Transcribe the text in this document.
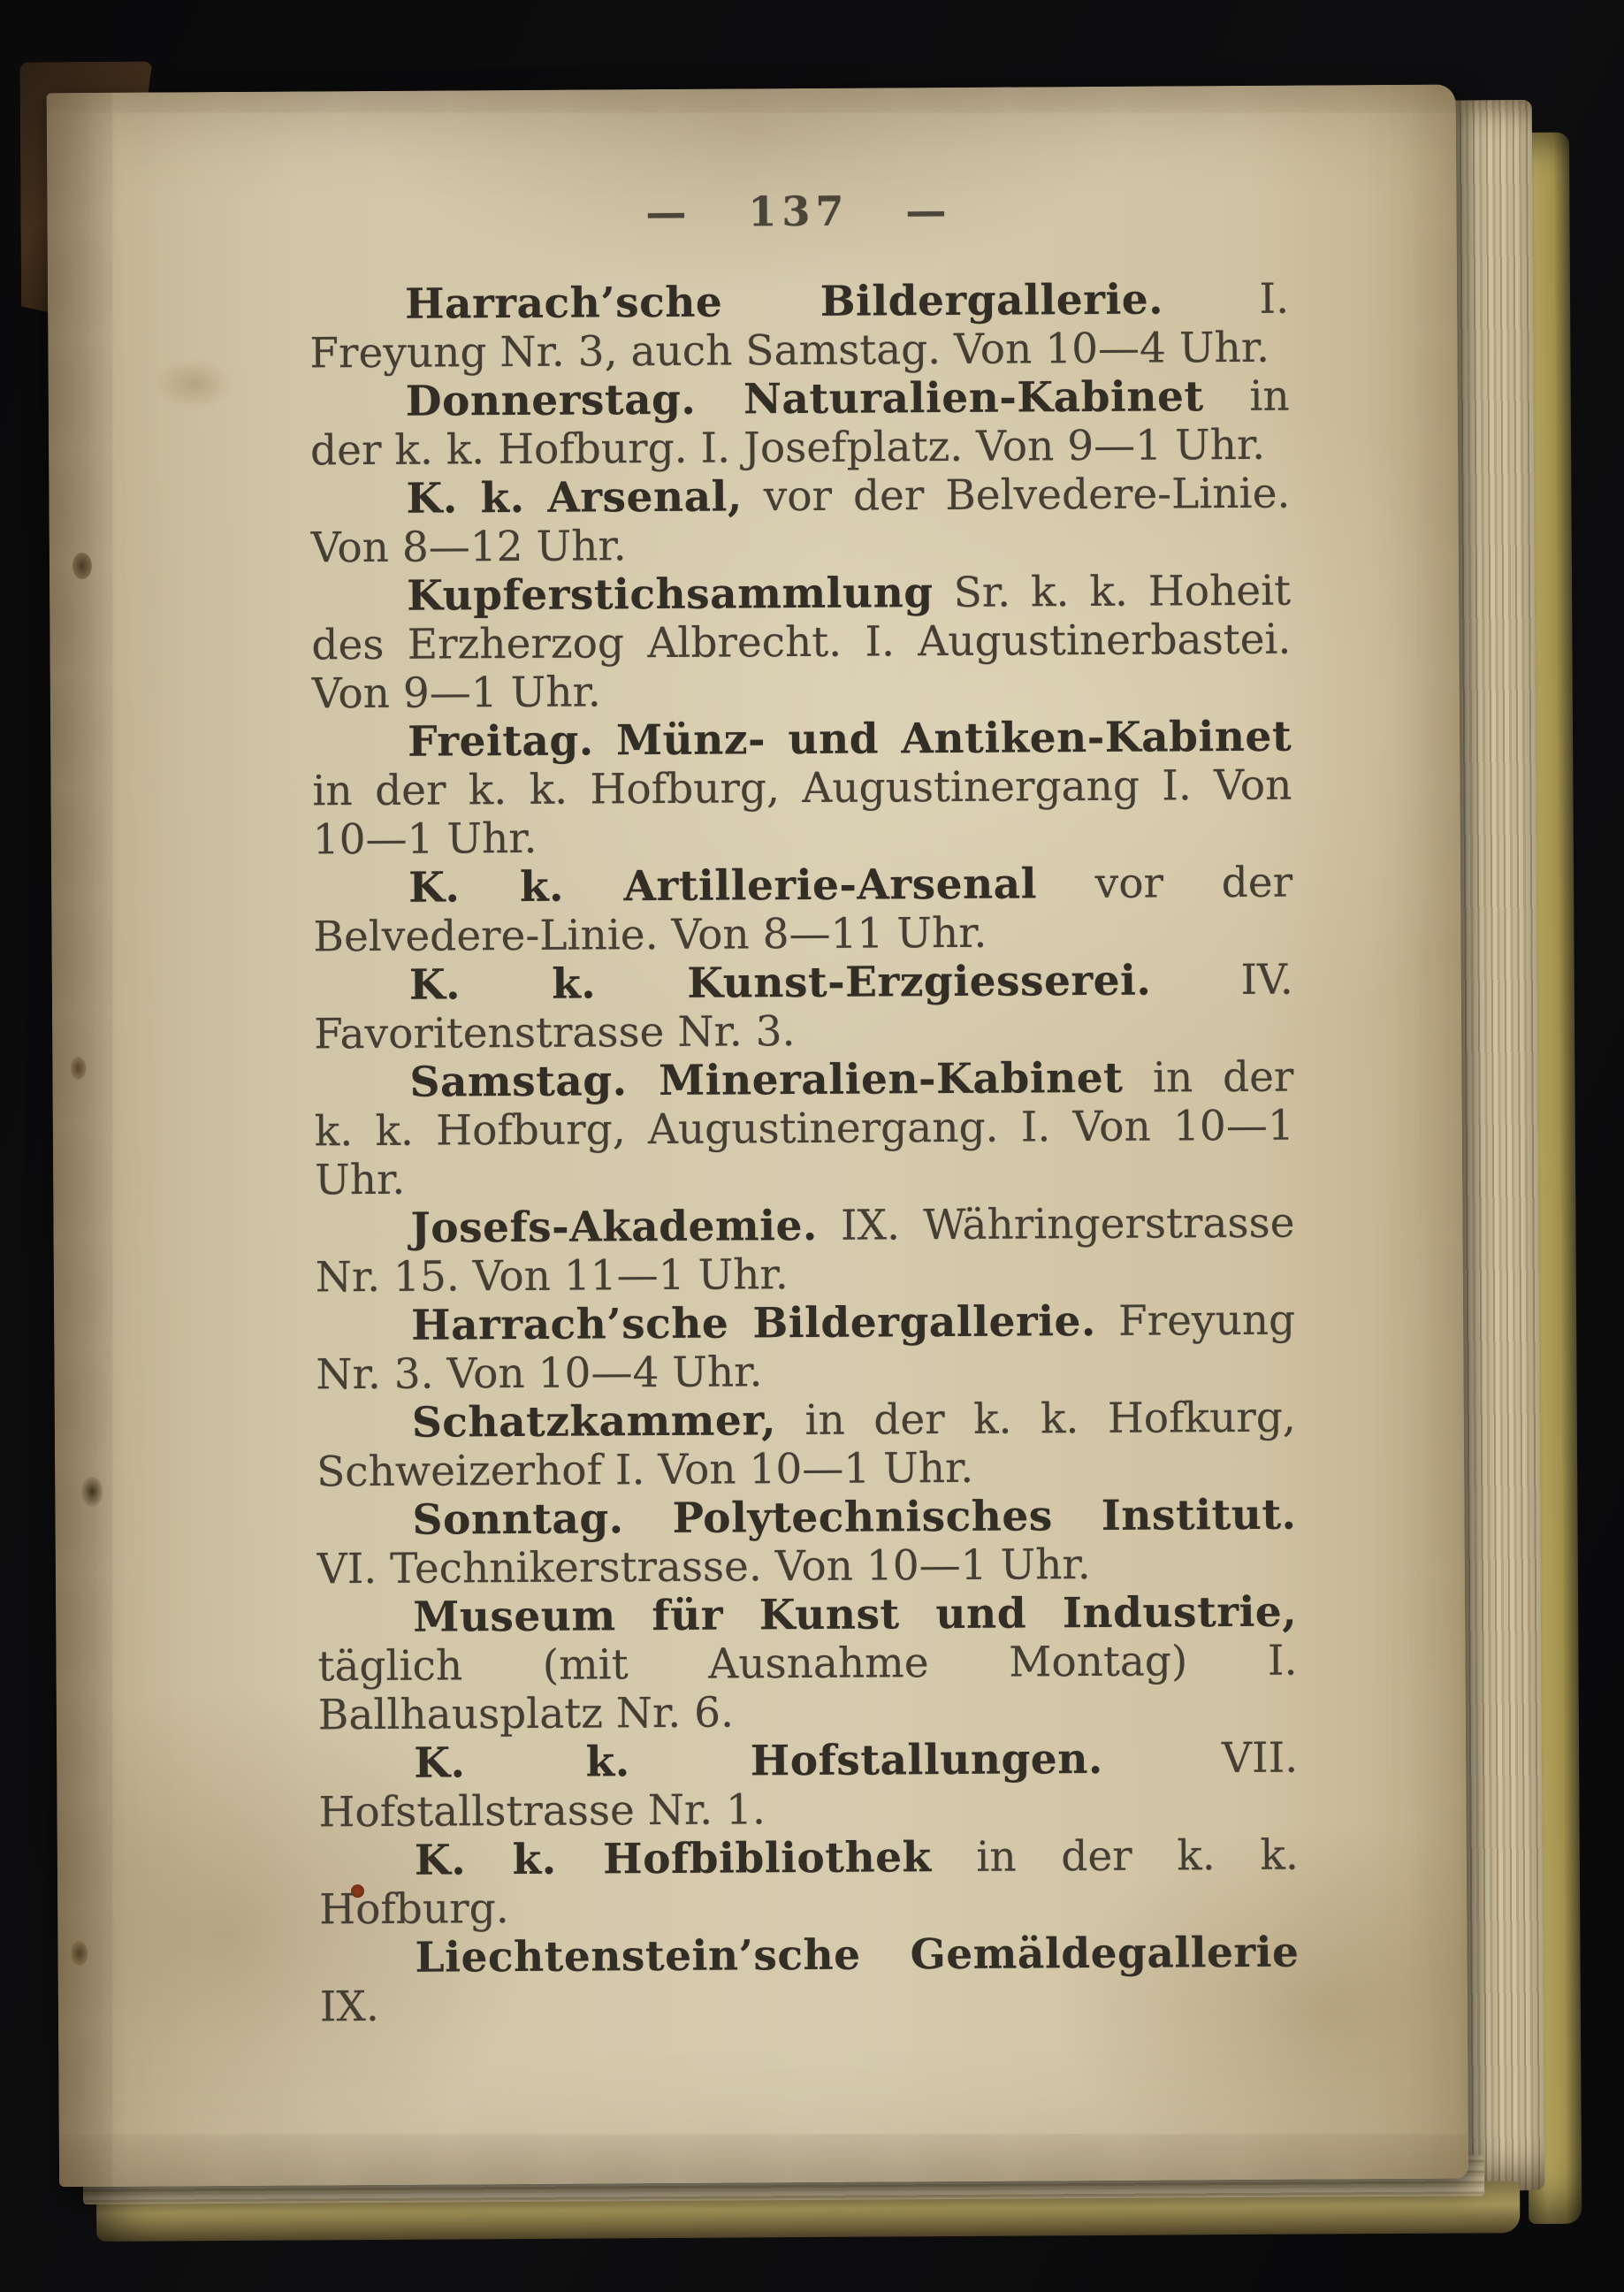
— 137 —

Harrach’sche Bildergallerie. I. Freyung Nr. 3, auch Samstag. Von 10—4 Uhr.

Donnerstag. Naturalien-Kabinet in der k. k. Hofburg. I. Josefplatz. Von 9—1 Uhr.

K. k. Arsenal, vor der Belvedere-Linie. Von 8—12 Uhr.

Kupferstichsammlung Sr. k. k. Hoheit des Erzherzog Albrecht. I. Augustinerbastei. Von 9—1 Uhr.

Freitag. Münz- und Antiken-Kabinet in der k. k. Hofburg, Augustinergang I. Von 10—1 Uhr.

K. k. Artillerie-Arsenal vor der Belvedere-Linie. Von 8—11 Uhr.

K. k. Kunst-Erzgiesserei. IV. Favoritenstrasse Nr. 3.

Samstag. Mineralien-Kabinet in der k. k. Hofburg, Augustinergang. I. Von 10—1 Uhr.

Josefs-Akademie. IX. Währingerstrasse Nr. 15. Von 11—1 Uhr.

Harrach’sche Bildergallerie. Freyung Nr. 3. Von 10—4 Uhr.

Schatzkammer, in der k. k. Hofkurg, Schweizerhof I. Von 10—1 Uhr.

Sonntag. Polytechnisches Institut. VI. Technikerstrasse. Von 10—1 Uhr.

Museum für Kunst und Industrie, täglich (mit Ausnahme Montag) I. Ballhausplatz Nr. 6.

K. k. Hofstallungen. VII. Hofstallstrasse Nr. 1.

K. k. Hofbibliothek in der k. k. Hofburg.

Liechtenstein’sche Gemäldegallerie IX.
